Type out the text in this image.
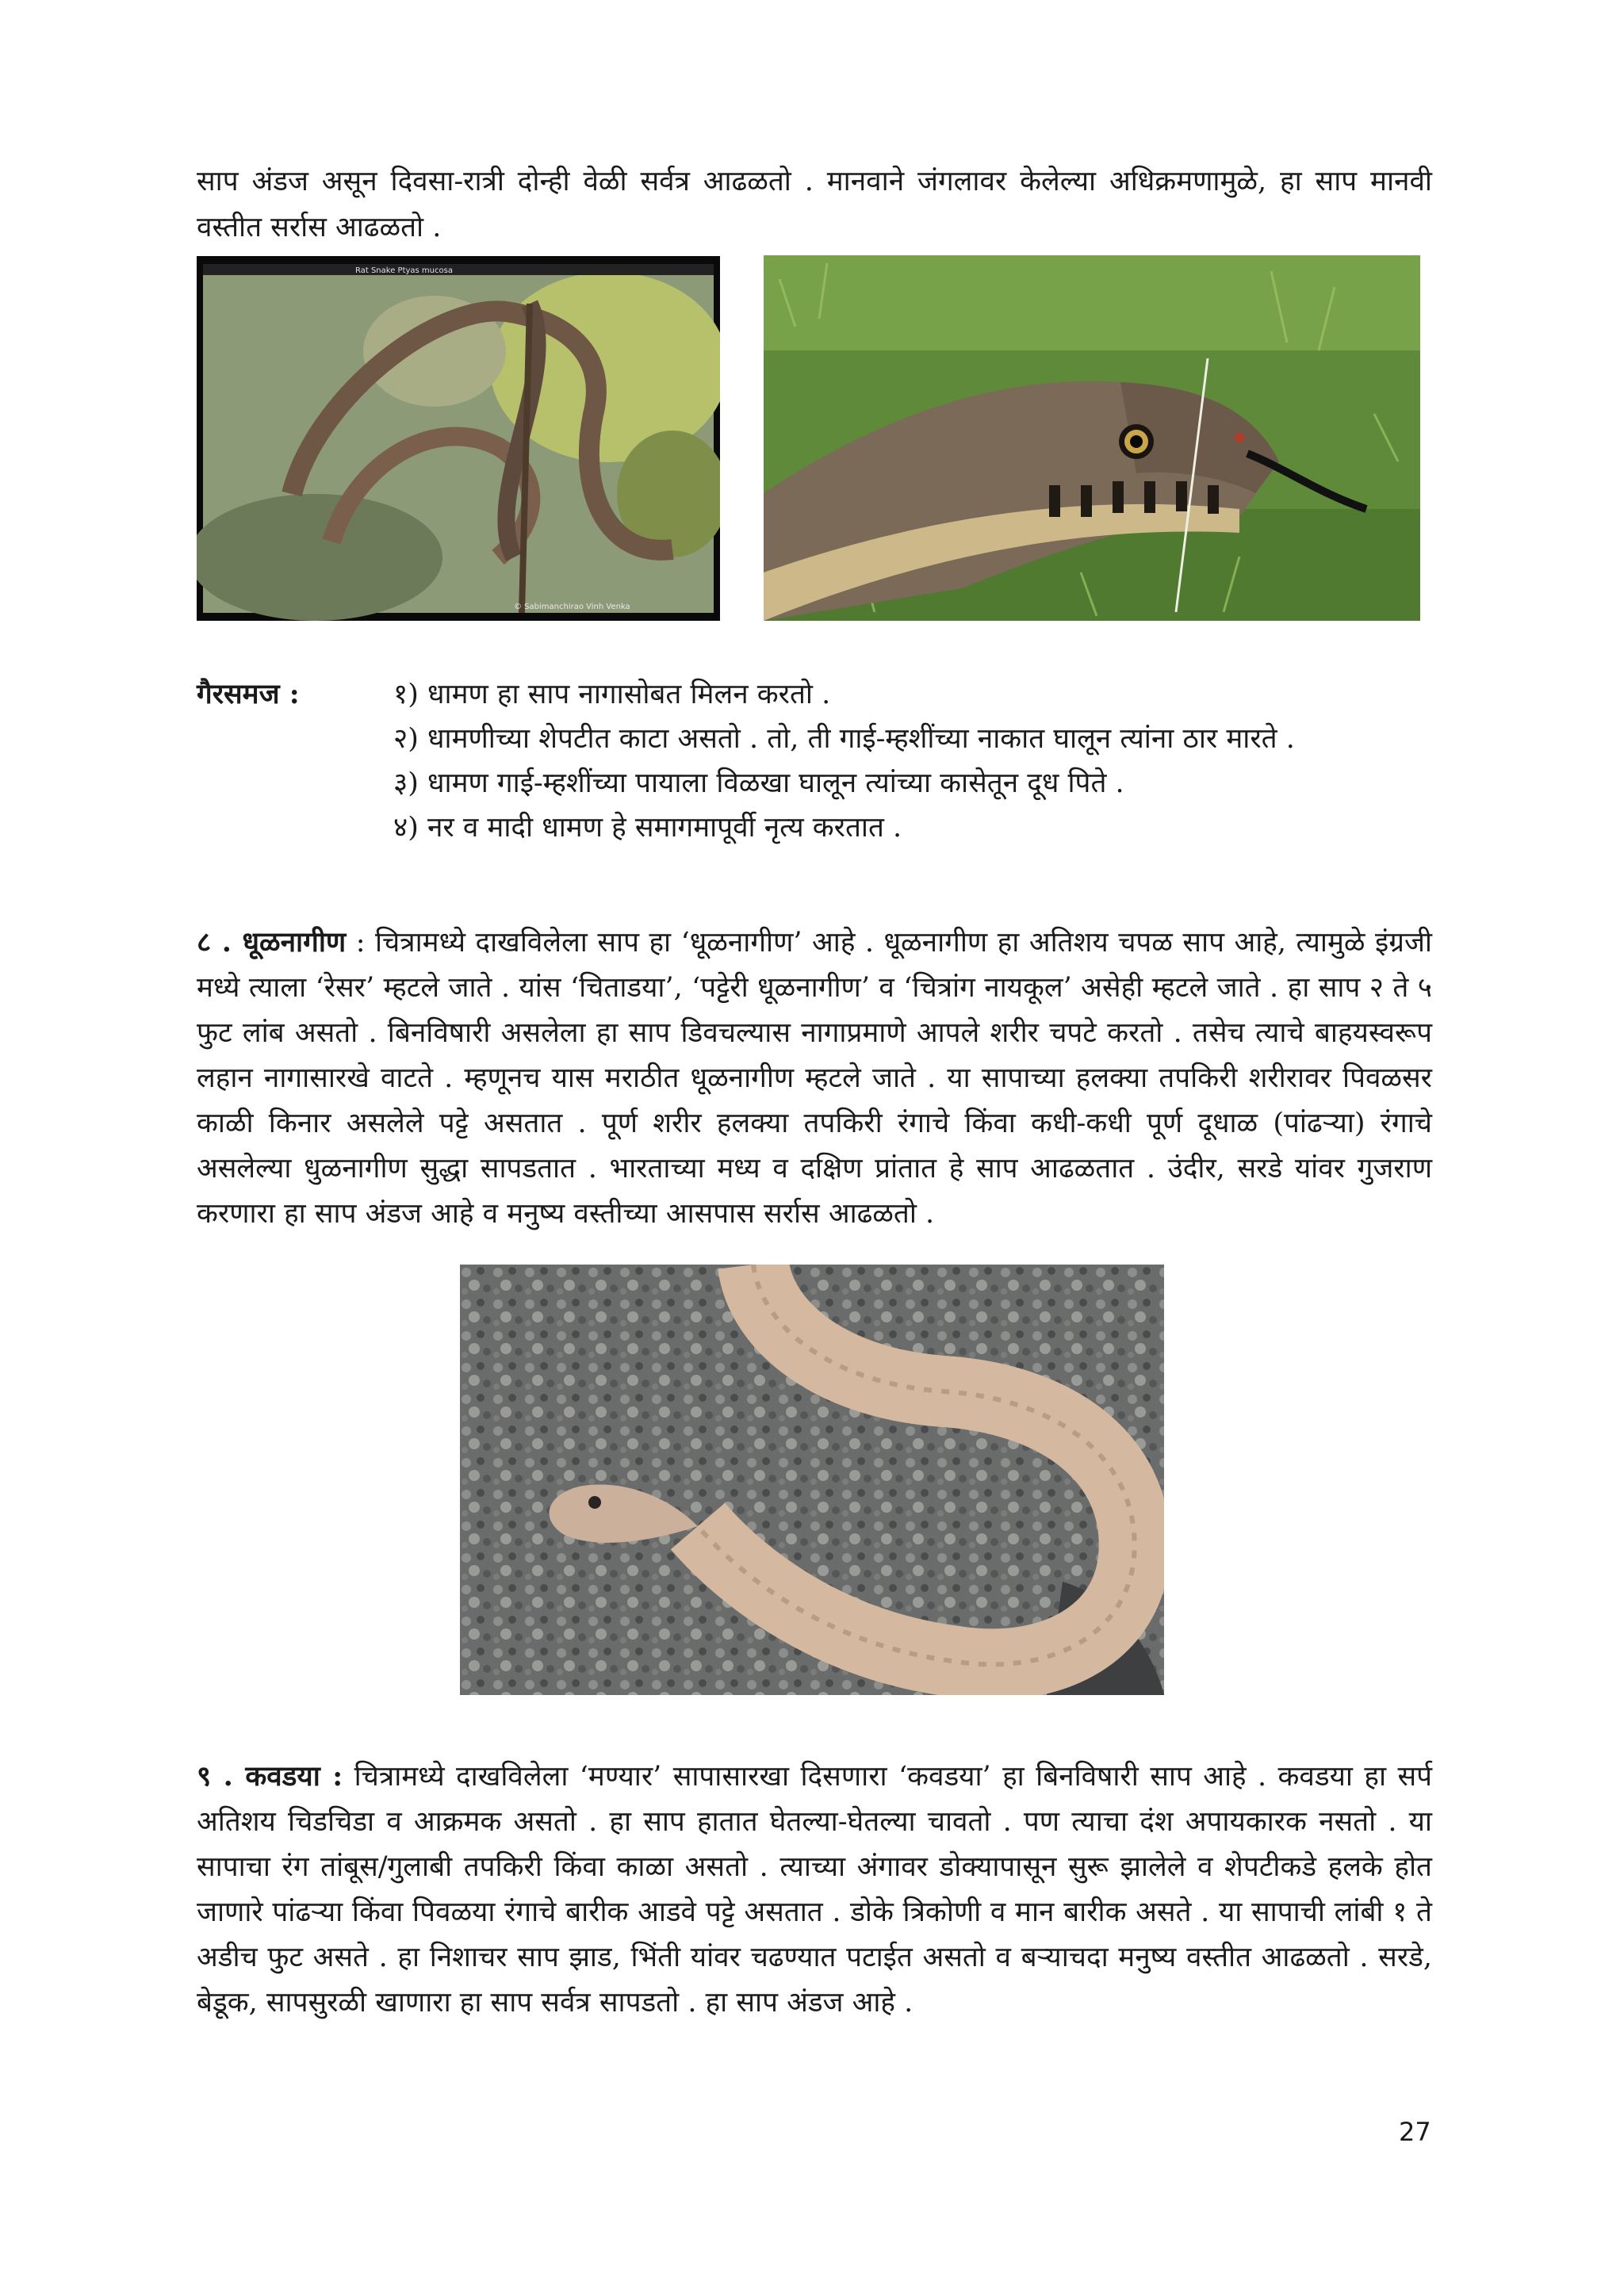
साप अंडज असून दिवसा-रात्री दोन्ही वेळी सर्वत्र आढळतो . मानवाने जंगलावर केलेल्या अधिक्रमणामुळे, हा साप मानवी वस्तीत सर्रास आढळतो .

Rat Snake Ptyas mucosa
© Sabimanchirao Vinh Venka
गैरसमज :	१) धामण हा साप नागासोबत मिलन करतो .
२) धामणीच्या शेपटीत काटा असतो . तो, ती गाई-म्हशींच्या नाकात घालून त्यांना ठार मारते .
३) धामण गाई-म्हशींच्या पायाला विळखा घालून त्यांच्या कासेतून दूध पिते .
४) नर व मादी धामण हे समागमापूर्वी नृत्य करतात .

८ . धूळनागीण : चित्रामध्ये दाखविलेला साप हा ‘धूळनागीण’ आहे . धूळनागीण हा अतिशय चपळ साप आहे, त्यामुळे इंग्रजी मध्ये त्याला ‘रेसर’ म्हटले जाते . यांस ‘चिताडया’, ‘पट्टेरी धूळनागीण’ व ‘चित्रांग नायकूल’ असेही म्हटले जाते . हा साप २ ते ५ फुट लांब असतो . बिनविषारी असलेला हा साप डिवचल्यास नागाप्रमाणे आपले शरीर चपटे करतो . तसेच त्याचे बाहयस्वरूप लहान नागासारखे वाटते . म्हणूनच यास मराठीत धूळनागीण म्हटले जाते . या सापाच्या हलक्या तपकिरी शरीरावर पिवळसर काळी किनार असलेले पट्टे असतात . पूर्ण शरीर हलक्या तपकिरी रंगाचे किंवा कधी-कधी पूर्ण दूधाळ (पांढऱ्या) रंगाचे असलेल्या धुळनागीण सुद्धा सापडतात . भारताच्या मध्य व दक्षिण प्रांतात हे साप आढळतात . उंदीर, सरडे यांवर गुजराण करणारा हा साप अंडज आहे व मनुष्य वस्तीच्या आसपास सर्रास आढळतो .

९ . कवडया : चित्रामध्ये दाखविलेला ‘मण्यार’ सापासारखा दिसणारा ‘कवडया’ हा बिनविषारी साप आहे . कवडया हा सर्प अतिशय चिडचिडा व आक्रमक असतो . हा साप हातात घेतल्या-घेतल्या चावतो . पण त्याचा दंश अपायकारक नसतो . या सापाचा रंग तांबूस/गुलाबी तपकिरी किंवा काळा असतो . त्याच्या अंगावर डोक्यापासून सुरू झालेले व शेपटीकडे हलके होत जाणारे पांढऱ्या किंवा पिवळया रंगाचे बारीक आडवे पट्टे असतात . डोके त्रिकोणी व मान बारीक असते . या सापाची लांबी १ ते अडीच फुट असते . हा निशाचर साप झाड, भिंती यांवर चढण्यात पटाईत असतो व बऱ्याचदा मनुष्य वस्तीत आढळतो . सरडे, बेडूक, सापसुरळी खाणारा हा साप सर्वत्र सापडतो . हा साप अंडज आहे .

27
